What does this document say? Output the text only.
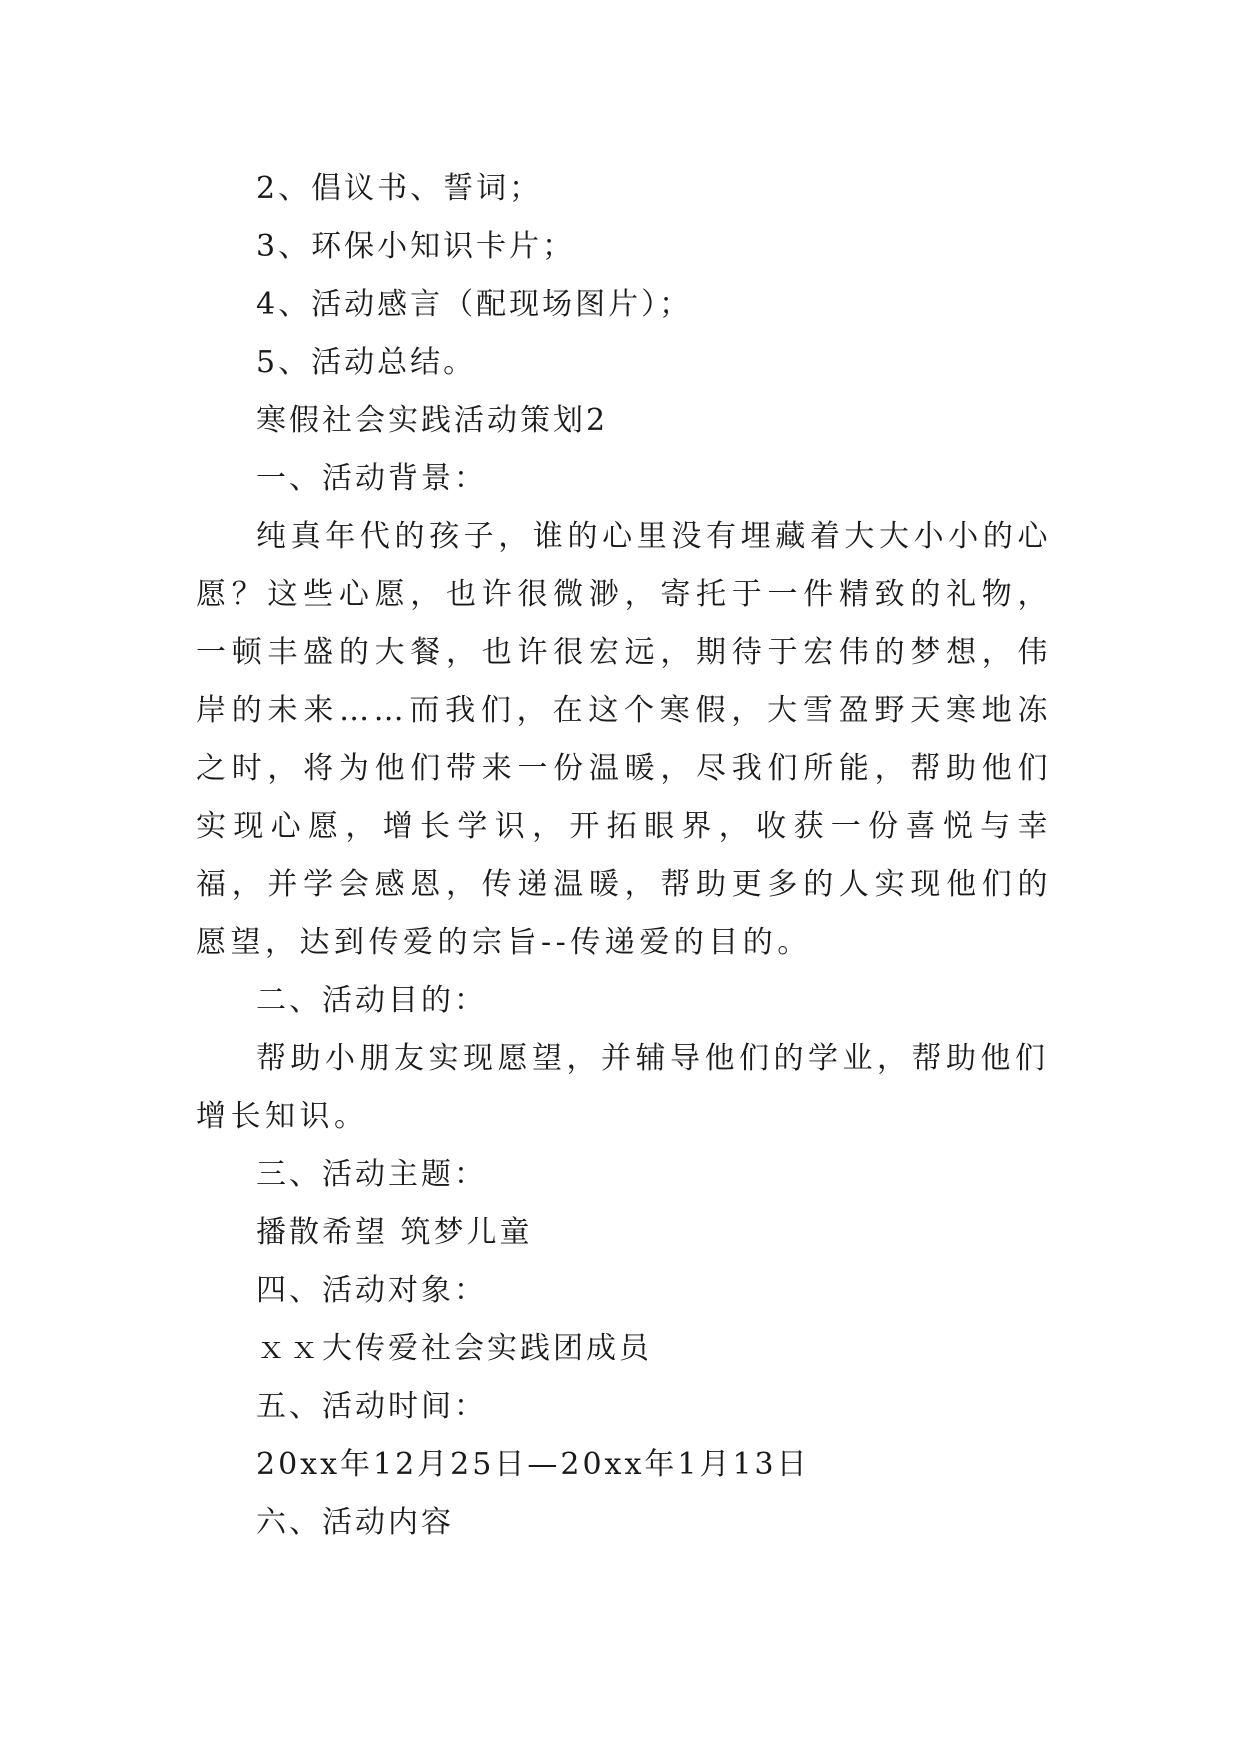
2、倡议书、誓词；

3、环保小知识卡片；

4、活动感言（配现场图片）；

5、活动总结。

寒假社会实践活动策划2

一、活动背景：

纯真年代的孩子，谁的心里没有埋藏着大大小小的心愿？这些心愿，也许很微渺，寄托于一件精致的礼物，一顿丰盛的大餐，也许很宏远，期待于宏伟的梦想，伟岸的未来……而我们，在这个寒假，大雪盈野天寒地冻之时，将为他们带来一份温暖，尽我们所能，帮助他们实现心愿，增长学识，开拓眼界，收获一份喜悦与幸福，并学会感恩，传递温暖，帮助更多的人实现他们的愿望，达到传爱的宗旨--传递爱的目的。

二、活动目的：

帮助小朋友实现愿望，并辅导他们的学业，帮助他们增长知识。

三、活动主题：

播散希望 筑梦儿童

四、活动对象：

ｘｘ大传爱社会实践团成员

五、活动时间：

20xx年12月25日—20xx年1月13日

六、活动内容
